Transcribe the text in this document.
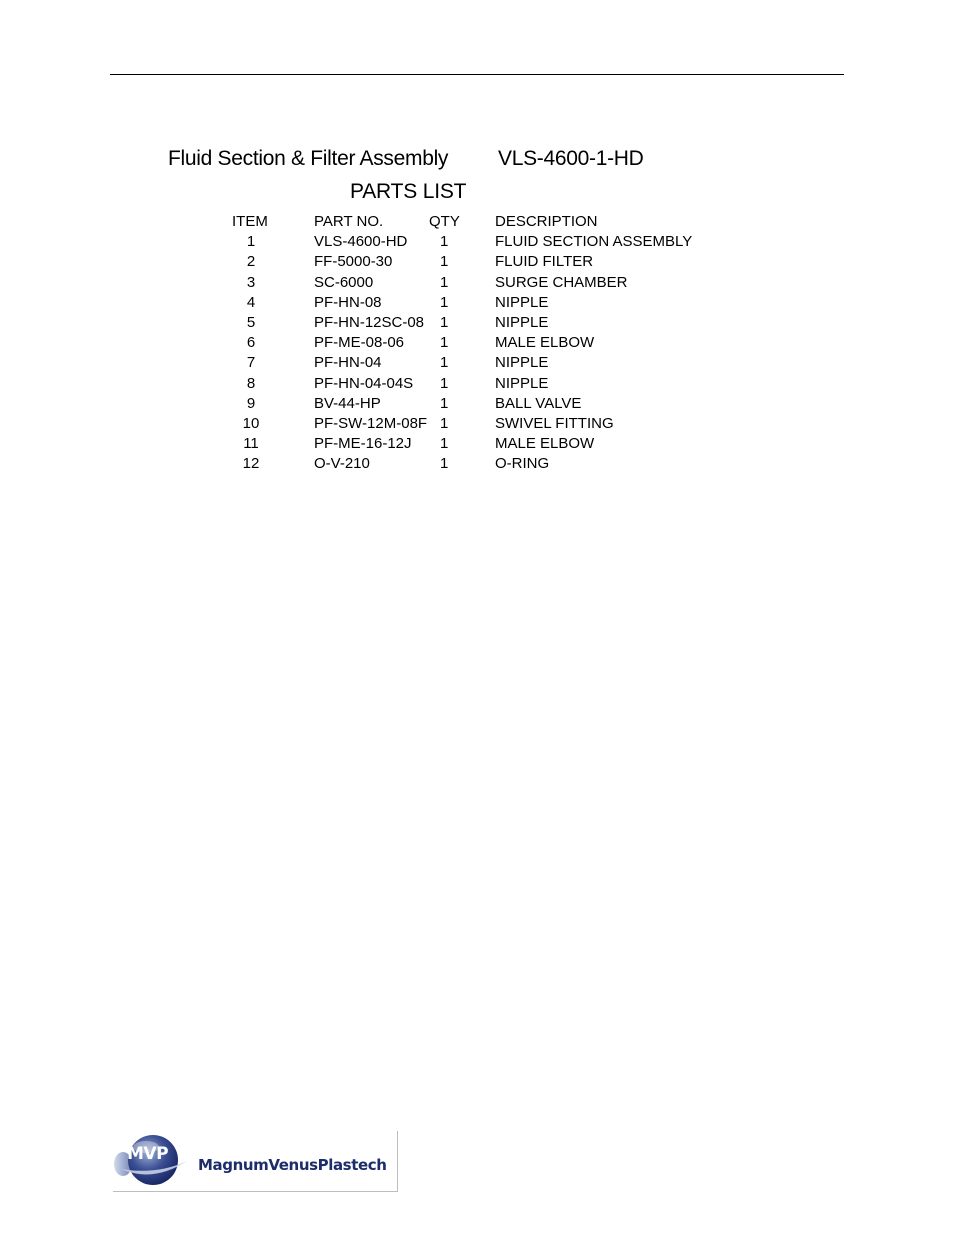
Fluid Section & Filter Assembly VLS-4600-1-HD
PARTS LIST
ITEM	PART NO.	QTY DESCRIPTION
1	VLS-4600-HD 1	FLUID SECTION ASSEMBLY
2	FF-5000-30	1	FLUID FILTER
3	SC-6000	1	SURGE CHAMBER
4	PF-HN-08	1	NIPPLE
5	PF-HN-12SC-08 1	NIPPLE
6	PF-ME-08-06 1	MALE ELBOW
7	PF-HN-04	1	NIPPLE
8	PF-HN-04-04S 1	NIPPLE
9	BV-44-HP	1	BALL VALVE
10	PF-SW-12M-08F 1	SWIVEL FITTING
11	PF-ME-16-12J 1	MALE ELBOW
12	O-V-210	1	O-RING
MVP
MagnumVenusPlastech
